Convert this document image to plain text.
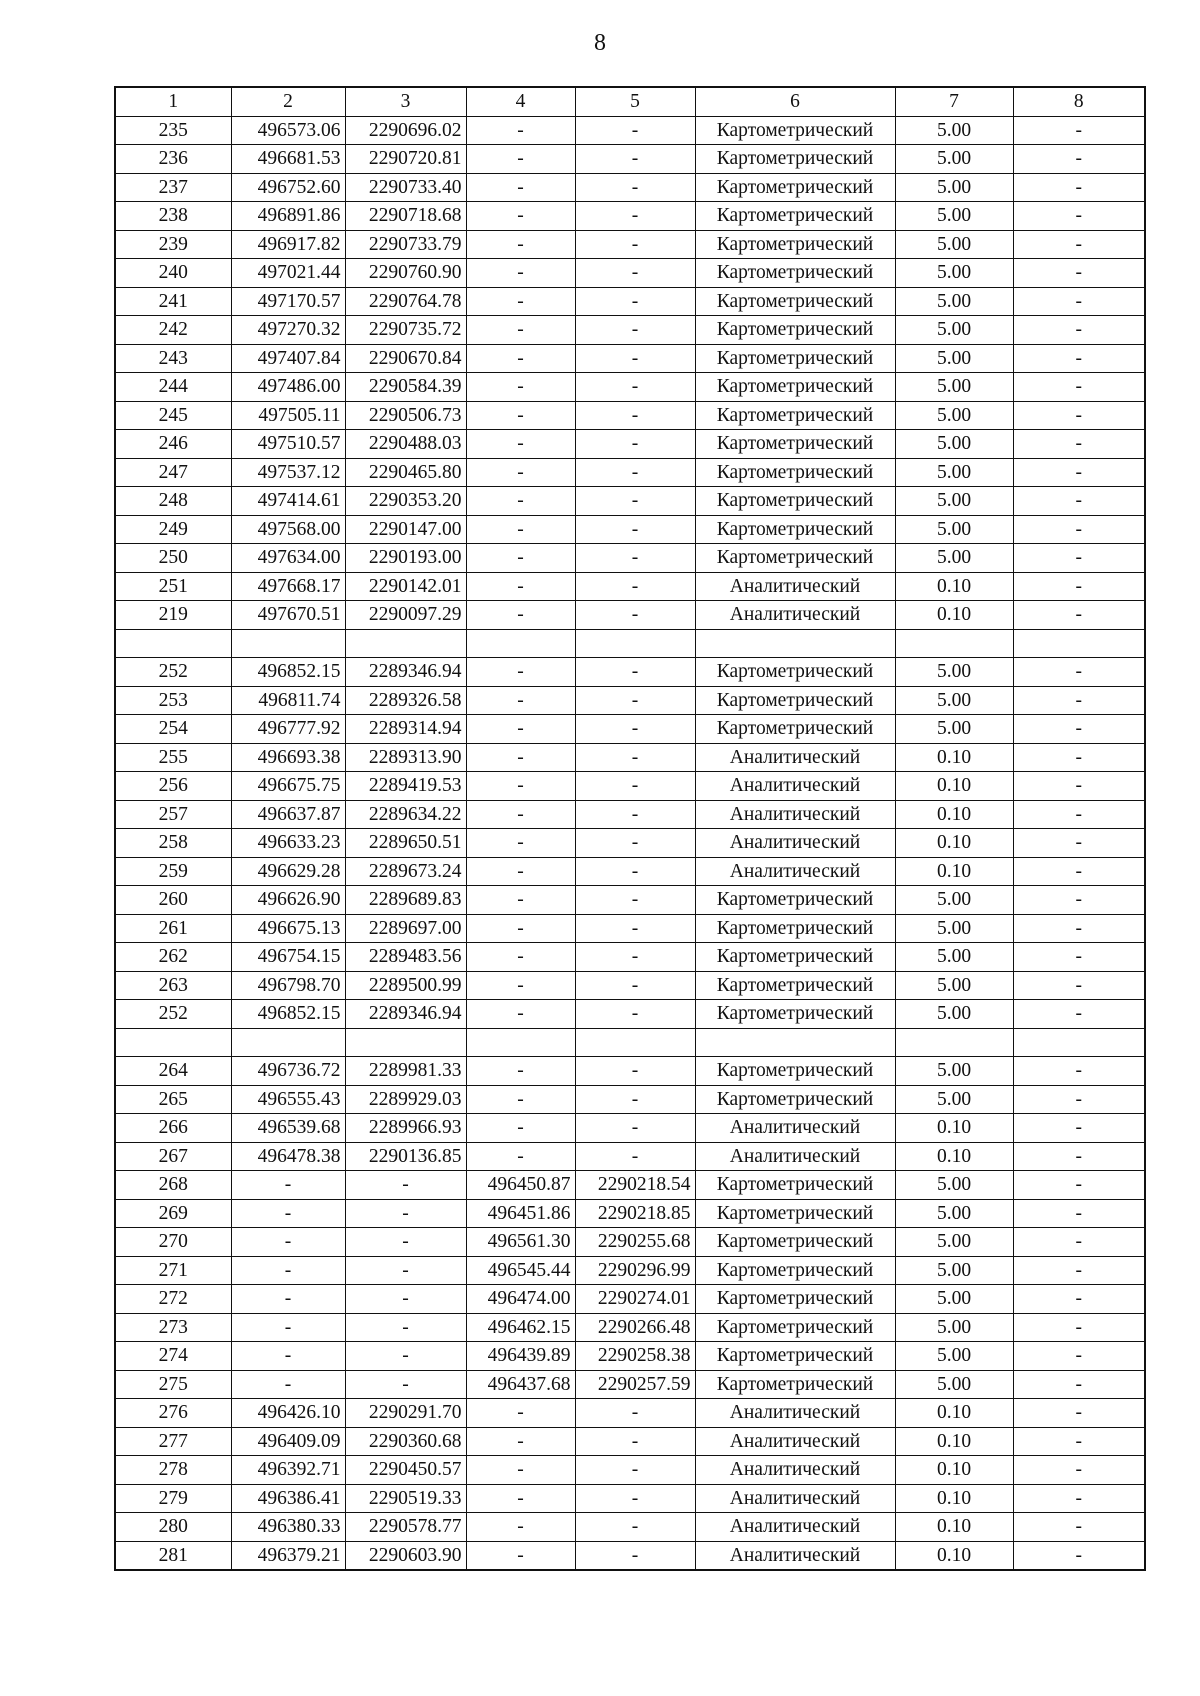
8
1	2	3	4	5	6	7	8
235	496573.06	2290696.02	-	-	Картометрический	5.00	-
236	496681.53	2290720.81	-	-	Картометрический	5.00	-
237	496752.60	2290733.40	-	-	Картометрический	5.00	-
238	496891.86	2290718.68	-	-	Картометрический	5.00	-
239	496917.82	2290733.79	-	-	Картометрический	5.00	-
240	497021.44	2290760.90	-	-	Картометрический	5.00	-
241	497170.57	2290764.78	-	-	Картометрический	5.00	-
242	497270.32	2290735.72	-	-	Картометрический	5.00	-
243	497407.84	2290670.84	-	-	Картометрический	5.00	-
244	497486.00	2290584.39	-	-	Картометрический	5.00	-
245	497505.11	2290506.73	-	-	Картометрический	5.00	-
246	497510.57	2290488.03	-	-	Картометрический	5.00	-
247	497537.12	2290465.80	-	-	Картометрический	5.00	-
248	497414.61	2290353.20	-	-	Картометрический	5.00	-
249	497568.00	2290147.00	-	-	Картометрический	5.00	-
250	497634.00	2290193.00	-	-	Картометрический	5.00	-
251	497668.17	2290142.01	-	-	Аналитический	0.10	-
219	497670.51	2290097.29	-	-	Аналитический	0.10	-

252	496852.15	2289346.94	-	-	Картометрический	5.00	-
253	496811.74	2289326.58	-	-	Картометрический	5.00	-
254	496777.92	2289314.94	-	-	Картометрический	5.00	-
255	496693.38	2289313.90	-	-	Аналитический	0.10	-
256	496675.75	2289419.53	-	-	Аналитический	0.10	-
257	496637.87	2289634.22	-	-	Аналитический	0.10	-
258	496633.23	2289650.51	-	-	Аналитический	0.10	-
259	496629.28	2289673.24	-	-	Аналитический	0.10	-
260	496626.90	2289689.83	-	-	Картометрический	5.00	-
261	496675.13	2289697.00	-	-	Картометрический	5.00	-
262	496754.15	2289483.56	-	-	Картометрический	5.00	-
263	496798.70	2289500.99	-	-	Картометрический	5.00	-
252	496852.15	2289346.94	-	-	Картометрический	5.00	-

264	496736.72	2289981.33	-	-	Картометрический	5.00	-
265	496555.43	2289929.03	-	-	Картометрический	5.00	-
266	496539.68	2289966.93	-	-	Аналитический	0.10	-
267	496478.38	2290136.85	-	-	Аналитический	0.10	-
268	-	-	496450.87	2290218.54	Картометрический	5.00	-
269	-	-	496451.86	2290218.85	Картометрический	5.00	-
270	-	-	496561.30	2290255.68	Картометрический	5.00	-
271	-	-	496545.44	2290296.99	Картометрический	5.00	-
272	-	-	496474.00	2290274.01	Картометрический	5.00	-
273	-	-	496462.15	2290266.48	Картометрический	5.00	-
274	-	-	496439.89	2290258.38	Картометрический	5.00	-
275	-	-	496437.68	2290257.59	Картометрический	5.00	-
276	496426.10	2290291.70	-	-	Аналитический	0.10	-
277	496409.09	2290360.68	-	-	Аналитический	0.10	-
278	496392.71	2290450.57	-	-	Аналитический	0.10	-
279	496386.41	2290519.33	-	-	Аналитический	0.10	-
280	496380.33	2290578.77	-	-	Аналитический	0.10	-
281	496379.21	2290603.90	-	-	Аналитический	0.10	-
